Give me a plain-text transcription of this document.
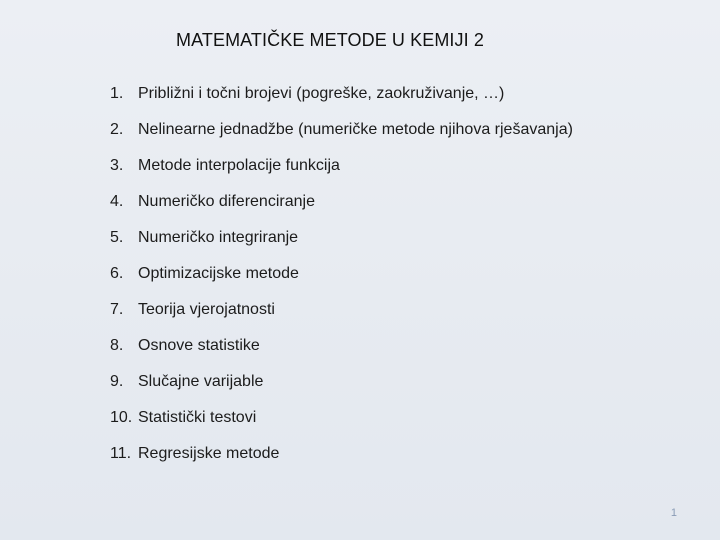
MATEMATIČKE METODE U KEMIJI 2
1. Približni i točni brojevi (pogreške, zaokruživanje, …)
2. Nelinearne jednadžbe (numeričke metode njihova rješavanja)
3. Metode interpolacije funkcija
4. Numeričko diferenciranje
5. Numeričko integriranje
6. Optimizacijske metode
7. Teorija vjerojatnosti
8. Osnove statistike
9. Slučajne varijable
10. Statistički testovi
11. Regresijske metode
1
